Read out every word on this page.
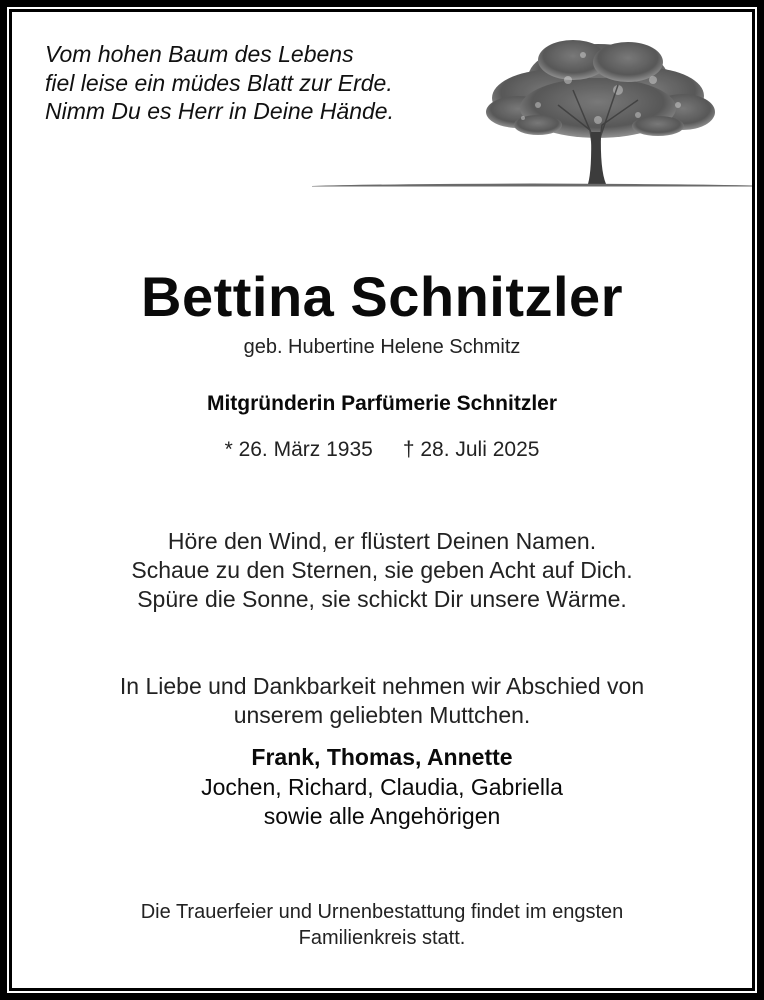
Vom hohen Baum des Lebens
fiel leise ein müdes Blatt zur Erde.
Nimm Du es Herr in Deine Hände.
Bettina Schnitzler
geb. Hubertine Helene Schmitz
Mitgründerin Parfümerie Schnitzler
* 26. März 1935 † 28. Juli 2025
Höre den Wind, er flüstert Deinen Namen.
Schaue zu den Sternen, sie geben Acht auf Dich.
Spüre die Sonne, sie schickt Dir unsere Wärme.
In Liebe und Dankbarkeit nehmen wir Abschied von
unserem geliebten Muttchen.
Frank, Thomas, Annette
Jochen, Richard, Claudia, Gabriella
sowie alle Angehörigen
Die Trauerfeier und Urnenbestattung findet im engsten
Familienkreis statt.
